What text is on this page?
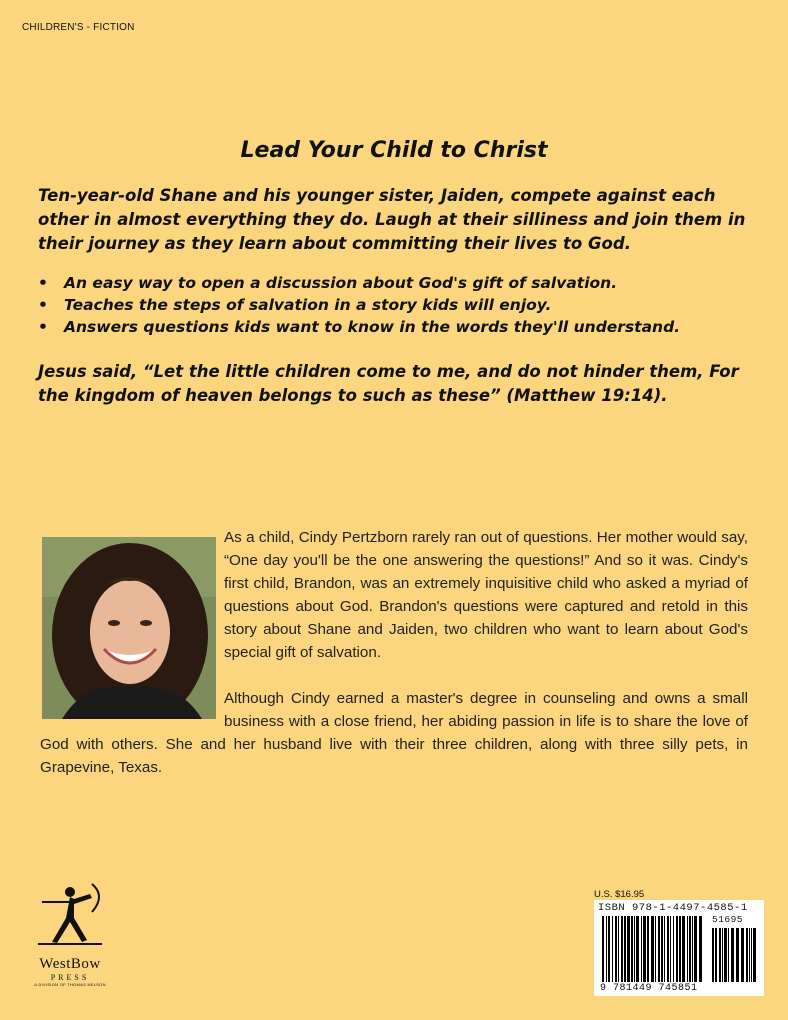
CHILDREN'S - FICTION
Lead Your Child to Christ

Ten-year-old Shane and his younger sister, Jaiden, compete against each other in almost everything they do. Laugh at their silliness and join them in their journey as they learn about committing their lives to God.

• An easy way to open a discussion about God's gift of salvation.
• Teaches the steps of salvation in a story kids will enjoy.
• Answers questions kids want to know in the words they'll understand.

Jesus said, “Let the little children come to me, and do not hinder them, For the kingdom of heaven belongs to such as these” (Matthew 19:14).

As a child, Cindy Pertzborn rarely ran out of questions. Her mother would say, “One day you'll be the one answering the questions!” And so it was. Cindy's first child, Brandon, was an extremely inquisitive child who asked a myriad of questions about God. Brandon's questions were captured and retold in this story about Shane and Jaiden, two children who want to learn about God's special gift of salvation.

Although Cindy earned a master's degree in counseling and owns a small business with a close friend, her abiding passion in life is to share the love of God with others. She and her husband live with their three children, along with three silly pets, in Grapevine, Texas.

WestBow
PRESS
A DIVISION OF THOMAS NELSON
U.S. $16.95
ISBN 978-1-4497-4585-1
51695
9 781449 745851
